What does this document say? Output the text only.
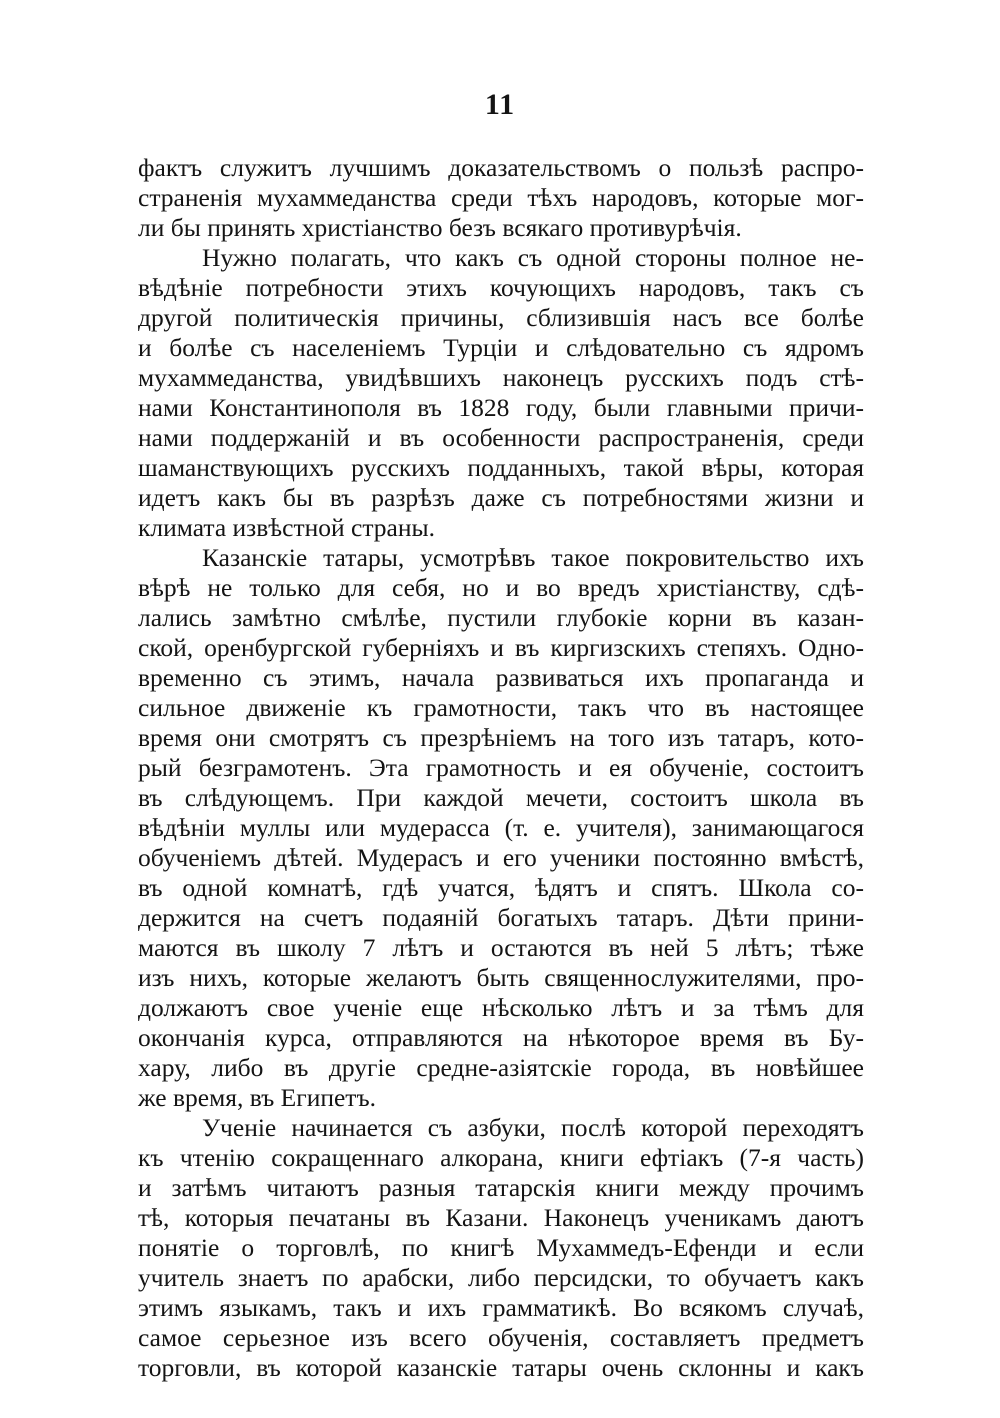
11
фактъ служитъ лучшимъ доказательствомъ о пользѣ распро-
страненія мухаммеданства среди тѣхъ народовъ, которые мог-
ли бы принять христіанство безъ всякаго противурѣчія.
Нужно полагать, что какъ съ одной стороны полное не-
вѣдѣніе потребности этихъ кочующихъ народовъ, такъ съ
другой политическія причины, сблизившія насъ все болѣе
и болѣе съ населеніемъ Турціи и слѣдовательно съ ядромъ
мухаммеданства, увидѣвшихъ наконецъ русскихъ подъ стѣ-
нами Константинополя въ 1828 году, были главными причи-
нами поддержаній и въ особенности распространенія, среди
шаманствующихъ русскихъ подданныхъ, такой вѣры, которая
идетъ какъ бы въ разрѣзъ даже съ потребностями жизни и
климата извѣстной страны.
Казанскіе татары, усмотрѣвъ такое покровительство ихъ
вѣрѣ не только для себя, но и во вредъ христіанству, сдѣ-
лались замѣтно смѣлѣе, пустили глубокіе корни въ казан-
ской, оренбургской губерніяхъ и въ киргизскихъ степяхъ. Одно-
временно съ этимъ, начала развиваться ихъ пропаганда и
сильное движеніе къ грамотности, такъ что въ настоящее
время они смотрятъ съ презрѣніемъ на того изъ татаръ, кото-
рый безграмотенъ. Эта грамотность и ея обученіе, состоитъ
въ слѣдующемъ. При каждой мечети, состоитъ школа въ
вѣдѣніи муллы или мудерасса (т. е. учителя), занимающагося
обученіемъ дѣтей. Мудерасъ и его ученики постоянно вмѣстѣ,
въ одной комнатѣ, гдѣ учатся, ѣдятъ и спятъ. Школа со-
держится на счетъ подаяній богатыхъ татаръ. Дѣти прини-
маются въ школу 7 лѣтъ и остаются въ ней 5 лѣтъ; тѣже
изъ нихъ, которые желаютъ быть священнослужителями, про-
должаютъ свое ученіе еще нѣсколько лѣтъ и за тѣмъ для
окончанія курса, отправляются на нѣкоторое время въ Бу-
хару, либо въ другіе средне-азіятскіе города, въ новѣйшее
же время, въ Египетъ.
Ученіе начинается съ азбуки, послѣ которой переходятъ
къ чтенію сокращеннаго алкорана, книги ефтіакъ (7-я часть)
и затѣмъ читаютъ разныя татарскія книги между прочимъ
тѣ, которыя печатаны въ Казани. Наконецъ ученикамъ даютъ
понятіе о торговлѣ, по книгѣ Мухаммедъ-Ефенди и если
учитель знаетъ по арабски, либо персидски, то обучаетъ какъ
этимъ языкамъ, такъ и ихъ грамматикѣ. Во всякомъ случаѣ,
самое серьезное изъ всего обученія, составляетъ предметъ
торговли, въ которой казанскіе татары очень склонны и какъ
